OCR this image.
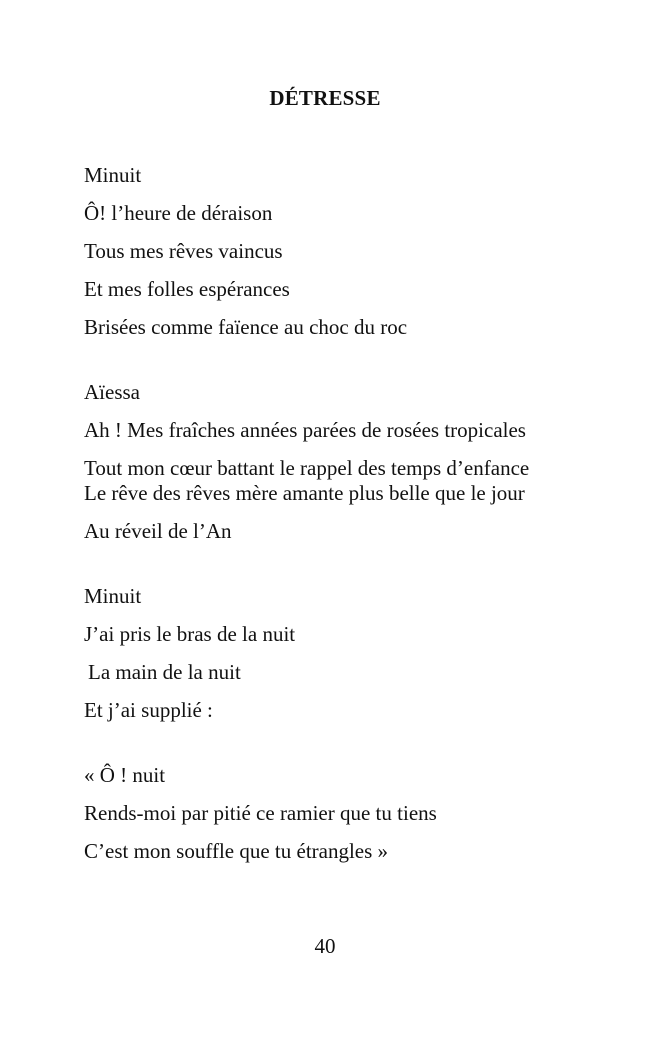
DÉTRESSE
Minuit
Ô! l’heure de déraison
Tous mes rêves vaincus
Et mes folles espérances
Brisées comme faïence au choc du roc
Aïessa
Ah ! Mes fraîches années parées de rosées tropicales
Tout mon cœur battant le rappel des temps d’enfance
Le rêve des rêves mère amante plus belle que le jour
Au réveil de l’An
Minuit
J’ai pris le bras de la nuit
La main de la nuit
Et j’ai supplié :
« Ô ! nuit
Rends-moi par pitié ce ramier que tu tiens
C’est mon souffle que tu étrangles »
40
